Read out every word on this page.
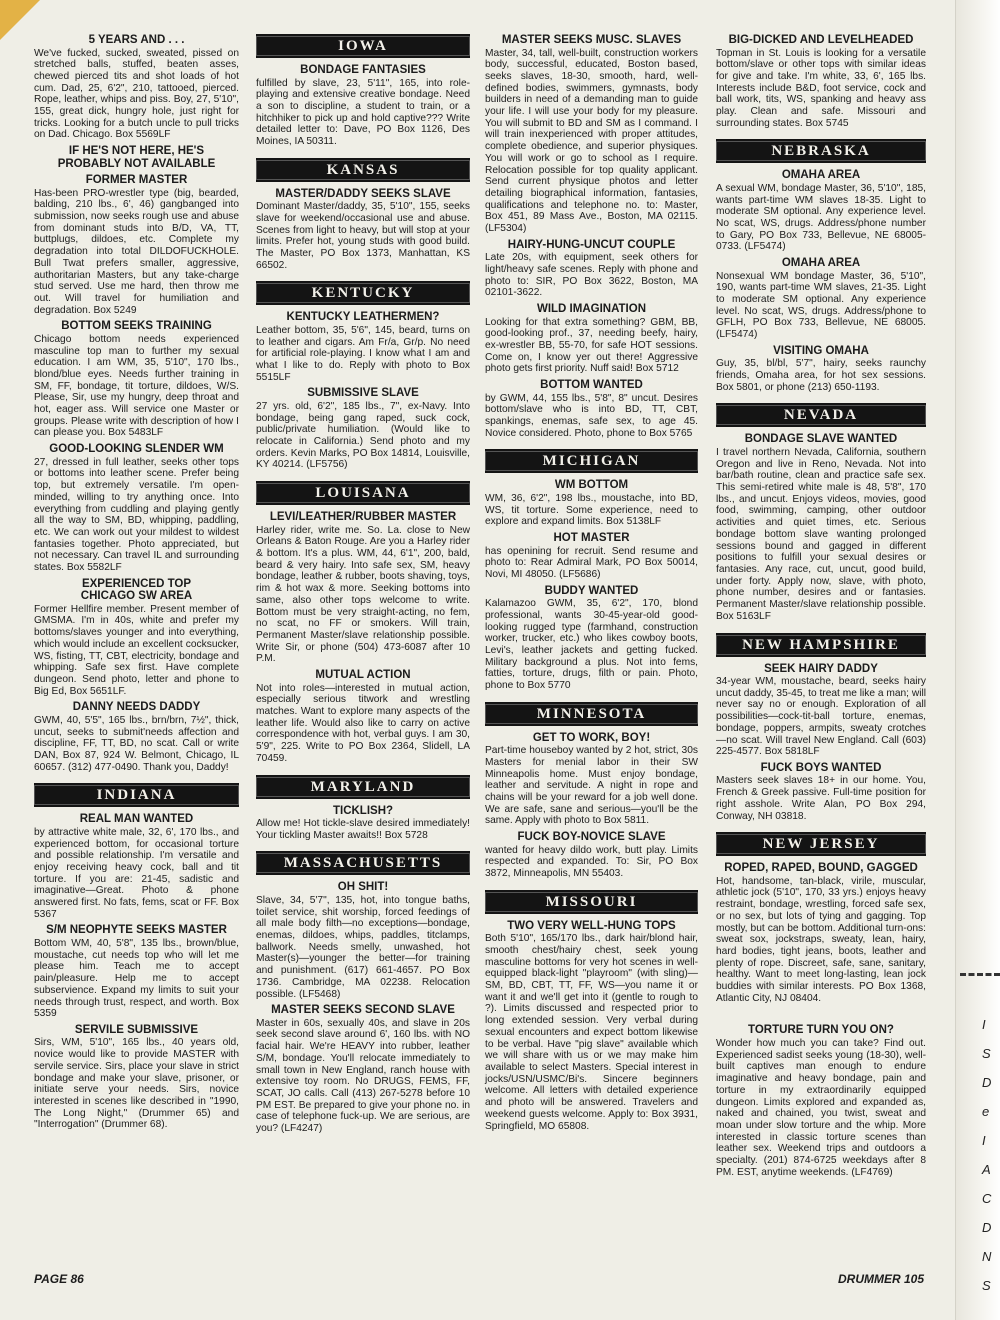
5 YEARS AND . . .
We've fucked, sucked, sweated, pissed on stretched balls, stuffed, beaten asses, chewed pierced tits and shot loads of hot cum. Dad, 25, 6'2", 210, tattooed, pierced. Rope, leather, whips and piss. Boy, 27, 5'10", 155, great dick, hungry hole, just right for tricks. Looking for a butch uncle to pull tricks on Dad. Chicago. Box 5569LF
IF HE'S NOT HERE, HE'S
PROBABLY NOT AVAILABLE
FORMER MASTER
Has-been PRO-wrestler type (big, bearded, balding, 210 lbs., 6', 46) gangbanged into submission, now seeks rough use and abuse from dominant studs into B/D, VA, TT, buttplugs, dildoes, etc. Complete my degradation into total DILDOFUCKHOLE. Bull Twat prefers smaller, aggressive, authoritarian Masters, but any take-charge stud served. Use me hard, then throw me out. Will travel for humiliation and degradation. Box 5249
BOTTOM SEEKS TRAINING
Chicago bottom needs experienced masculine top man to further my sexual education. I am WM, 35, 5'10", 170 lbs., blond/blue eyes. Needs further training in SM, FF, bondage, tit torture, dildoes, W/S. Please, Sir, use my hungry, deep throat and hot, eager ass. Will service one Master or groups. Please write with description of how I can please you. Box 5483LF
GOOD-LOOKING SLENDER WM
27, dressed in full leather, seeks other tops or bottoms into leather scene. Prefer being top, but extremely versatile. I'm open-minded, willing to try anything once. Into everything from cuddling and playing gently all the way to SM, BD, whipping, paddling, etc. We can work out your mildest to wildest fantasies together. Photo appreciated, but not necessary. Can travel IL and surrounding states. Box 5582LF
EXPERIENCED TOP
CHICAGO SW AREA
Former Hellfire member. Present member of GMSMA. I'm in 40s, white and prefer my bottoms/slaves younger and into everything, which would include an excellent cocksucker, WS, fisting, TT, CBT, electricity, bondage and whipping. Safe sex first. Have complete dungeon. Send photo, letter and phone to Big Ed, Box 5651LF.
DANNY NEEDS DADDY
GWM, 40, 5'5", 165 lbs., brn/brn, 7½", thick, uncut, seeks to submit'needs affection and discipline, FF, TT, BD, no scat. Call or write DAN, Box 87, 924 W. Belmont, Chicago, IL 60657. (312) 477-0490. Thank you, Daddy!
INDIANA
REAL MAN WANTED
by attractive white male, 32, 6', 170 lbs., and experienced bottom, for occasional torture and possible relationship. I'm versatile and enjoy receiving heavy cock, ball and tit torture. If you are: 21-45, sadistic and imaginative—Great. Photo & phone answered first. No fats, fems, scat or FF. Box 5367
S/M NEOPHYTE SEEKS MASTER
Bottom WM, 40, 5'8", 135 lbs., brown/blue, moustache, cut needs top who will let me please him. Teach me to accept pain/pleasure. Help me to accept subservience. Expand my limits to suit your needs through trust, respect, and worth. Box 5359
SERVILE SUBMISSIVE
Sirs, WM, 5'10", 165 lbs., 40 years old, novice would like to provide MASTER with servile service. Sirs, place your slave in strict bondage and make your slave, prisoner, or initiate serve your needs. Sirs, novice interested in scenes like described in "1990, The Long Night," (Drummer 65) and "Interrogation" (Drummer 68).
IOWA
BONDAGE FANTASIES
fulfilled by slave, 23, 5'11", 165, into role-playing and extensive creative bondage. Need a son to discipline, a student to train, or a hitchhiker to pick up and hold captive??? Write detailed letter to: Dave, PO Box 1126, Des Moines, IA 50311.
KANSAS
MASTER/DADDY SEEKS SLAVE
Dominant Master/daddy, 35, 5'10", 155, seeks slave for weekend/occasional use and abuse. Scenes from light to heavy, but will stop at your limits. Prefer hot, young studs with good build. The Master, PO Box 1373, Manhattan, KS 66502.
KENTUCKY
KENTUCKY LEATHERMEN?
Leather bottom, 35, 5'6", 145, beard, turns on to leather and cigars. Am Fr/a, Gr/p. No need for artificial role-playing. I know what I am and what I like to do. Reply with photo to Box 5515LF
SUBMISSIVE SLAVE
27 yrs. old, 6'2", 185 lbs., 7", ex-Navy. Into bondage, being gang raped, suck cock, public/private humiliation. (Would like to relocate in California.) Send photo and my orders. Kevin Marks, PO Box 14814, Louisville, KY 40214. (LF5756)
LOUISANA
LEVI/LEATHER/RUBBER MASTER
Harley rider, write me. So. La. close to New Orleans & Baton Rouge. Are you a Harley rider & bottom. It's a plus. WM, 44, 6'1", 200, bald, beard & very hairy. Into safe sex, SM, heavy bondage, leather & rubber, boots shaving, toys, rim & hot wax & more. Seeking bottoms into same, also other tops welcome to write. Bottom must be very straight-acting, no fem, no scat, no FF or smokers. Will train, Permanent Master/slave relationship possible. Write Sir, or phone (504) 473-6087 after 10 P.M.
MUTUAL ACTION
Not into roles—interested in mutual action, especially serious titwork and wrestling matches. Want to explore many aspects of the leather life. Would also like to carry on active correspondence with hot, verbal guys. I am 30, 5'9", 225. Write to PO Box 2364, Slidell, LA 70459.
MARYLAND
TICKLISH?
Allow me! Hot tickle-slave desired immediately! Your tickling Master awaits!! Box 5728
MASSACHUSETTS
OH SHIT!
Slave, 34, 5'7", 135, hot, into tongue baths, toilet service, shit worship, forced feedings of all male body filth—no exceptions—bondage, enemas, dildoes, whips, paddles, titclamps, ballwork. Needs smelly, unwashed, hot Master(s)—younger the better—for training and punishment. (617) 661-4657. PO Box 1736. Cambridge, MA 02238. Relocation possible. (LF5468)
MASTER SEEKS SECOND SLAVE
Master in 60s, sexually 40s, and slave in 20s seek second slave around 6', 160 lbs. with NO facial hair. We're HEAVY into rubber, leather S/M, bondage. You'll relocate immediately to small town in New England, ranch house with extensive toy room. No DRUGS, FEMS, FF, SCAT, JO calls. Call (413) 267-5278 before 10 PM EST. Be prepared to give your phone no. in case of telephone fuck-up. We are serious, are you? (LF4247)
MASTER SEEKS MUSC. SLAVES
Master, 34, tall, well-built, construction workers body, successful, educated, Boston based, seeks slaves, 18-30, smooth, hard, well-defined bodies, swimmers, gymnasts, body builders in need of a demanding man to guide your life. I will use your body for my pleasure. You will submit to BD and SM as I command. I will train inexperienced with proper attitudes, complete obedience, and superior physiques. You will work or go to school as I require. Relocation possible for top quality applicant. Send current physique photos and letter detailing biographical information, fantasies, qualifications and telephone no. to: Master, Box 451, 89 Mass Ave., Boston, MA 02115. (LF5304)
HAIRY-HUNG-UNCUT COUPLE
Late 20s, with equipment, seek others for light/heavy safe scenes. Reply with phone and photo to: SIR, PO Box 3622, Boston, MA 02101-3622.
WILD IMAGINATION
Looking for that extra something? GBM, BB, good-looking prof., 37, needing beefy, hairy, ex-wrestler BB, 55-70, for safe HOT sessions. Come on, I know yer out there! Aggressive photo gets first priority. Nuff said! Box 5712
BOTTOM WANTED
by GWM, 44, 155 lbs., 5'8", 8" uncut. Desires bottom/slave who is into BD, TT, CBT, spankings, enemas, safe sex, to age 45. Novice considered. Photo, phone to Box 5765
MICHIGAN
WM BOTTOM
WM, 36, 6'2", 198 lbs., moustache, into BD, WS, tit torture. Some experience, need to explore and expand limits. Box 5138LF
HOT MASTER
has openining for recruit. Send resume and photo to: Rear Admiral Mark, PO Box 50014, Novi, MI 48050. (LF5686)
BUDDY WANTED
Kalamazoo GWM, 35, 6'2", 170, blond professional, wants 30-45-year-old good-looking rugged type (farmhand, construction worker, trucker, etc.) who likes cowboy boots, Levi's, leather jackets and getting fucked. Military background a plus. Not into fems, fatties, torture, drugs, filth or pain. Photo, phone to Box 5770
MINNESOTA
GET TO WORK, BOY!
Part-time houseboy wanted by 2 hot, strict, 30s Masters for menial labor in their SW Minneapolis home. Must enjoy bondage, leather and servitude. A night in rope and chains will be your reward for a job well done. We are safe, sane and serious—you'll be the same. Apply with photo to Box 5811.
FUCK BOY-NOVICE SLAVE
wanted for heavy dildo work, butt play. Limits respected and expanded. To: Sir, PO Box 3872, Minneapolis, MN 55403.
MISSOURI
TWO VERY WELL-HUNG TOPS
Both 5'10", 165/170 lbs., dark hair/blond hair, smooth chest/hairy chest, seek young masculine bottoms for very hot scenes in well-equipped black-light "playroom" (with sling)—SM, BD, CBT, TT, FF, WS—you name it or want it and we'll get into it (gentle to rough to ?). Limits discussed and respected prior to long extended session. Very verbal during sexual encounters and expect bottom likewise to be verbal. Have "pig slave" available which we will share with us or we may make him available to select Masters. Special interest in jocks/USN/USMC/Bi's. Sincere beginners welcome. All letters with detailed experience and photo will be answered. Travelers and weekend guests welcome. Apply to: Box 3931, Springfield, MO 65808.
BIG-DICKED AND LEVELHEADED
Topman in St. Louis is looking for a versatile bottom/slave or other tops with similar ideas for give and take. I'm white, 33, 6', 165 lbs. Interests include B&D, foot service, cock and ball work, tits, WS, spanking and heavy ass play. Clean and safe. Missouri and surrounding states. Box 5745
NEBRASKA
OMAHA AREA
A sexual WM, bondage Master, 36, 5'10", 185, wants part-time WM slaves 18-35. Light to moderate SM optional. Any experience level. No scat, WS, drugs. Address/phone number to Gary, PO Box 733, Bellevue, NE 68005-0733. (LF5474)
OMAHA AREA
Nonsexual WM bondage Master, 36, 5'10", 190, wants part-time WM slaves, 21-35. Light to moderate SM optional. Any experience level. No scat, WS, drugs. Address/phone to GFLH, PO Box 733, Bellevue, NE 68005. (LF5474)
VISITING OMAHA
Guy, 35, bl/bl, 5'7", hairy, seeks raunchy friends, Omaha area, for hot sex sessions. Box 5801, or phone (213) 650-1193.
NEVADA
BONDAGE SLAVE WANTED
I travel northern Nevada, California, southern Oregon and live in Reno, Nevada. Not into bar/bath routine, clean and practice safe sex. This semi-retired white male is 48, 5'8", 170 lbs., and uncut. Enjoys videos, movies, good food, swimming, camping, other outdoor activities and quiet times, etc. Serious bondage bottom slave wanting prolonged sessions bound and gagged in different positions to fulfill your sexual desires or fantasies. Any race, cut, uncut, good build, under forty. Apply now, slave, with photo, phone number, desires and or fantasies. Permanent Master/slave relationship possible. Box 5163LF
NEW HAMPSHIRE
SEEK HAIRY DADDY
34-year WM, moustache, beard, seeks hairy uncut daddy, 35-45, to treat me like a man; will never say no or enough. Exploration of all possibilities—cock-tit-ball torture, enemas, bondage, poppers, armpits, sweaty crotches—no scat. Will travel New England. Call (603) 225-4577. Box 5818LF
FUCK BOYS WANTED
Masters seek slaves 18+ in our home. You, French & Greek passive. Full-time position for right asshole. Write Alan, PO Box 294, Conway, NH 03818.
NEW JERSEY
ROPED, RAPED, BOUND, GAGGED
Hot, handsome, tan-black, virile, muscular, athletic jock (5'10", 170, 33 yrs.) enjoys heavy restraint, bondage, wrestling, forced safe sex, or no sex, but lots of tying and gagging. Top mostly, but can be bottom. Additional turn-ons: sweat sox, jockstraps, sweaty, lean, hairy, hard bodies, tight jeans, boots, leather and plenty of rope. Discreet, safe, sane, sanitary, healthy. Want to meet long-lasting, lean jock buddies with similar interests. PO Box 1368, Atlantic City, NJ 08404.
TORTURE TURN YOU ON?
Wonder how much you can take? Find out. Experienced sadist seeks young (18-30), well-built captives man enough to endure imaginative and heavy bondage, pain and torture in my extraordinarily equipped dungeon. Limits explored and expanded as, naked and chained, you twist, sweat and moan under slow torture and the whip. More interested in classic torture scenes than leather sex. Weekend trips and outdoors a specialty. (201) 874-6725 weekdays after 8 PM. EST, anytime weekends. (LF4769)
I
S
D
e
I
A
C
D
N
S
PAGE 86	DRUMMER 105
